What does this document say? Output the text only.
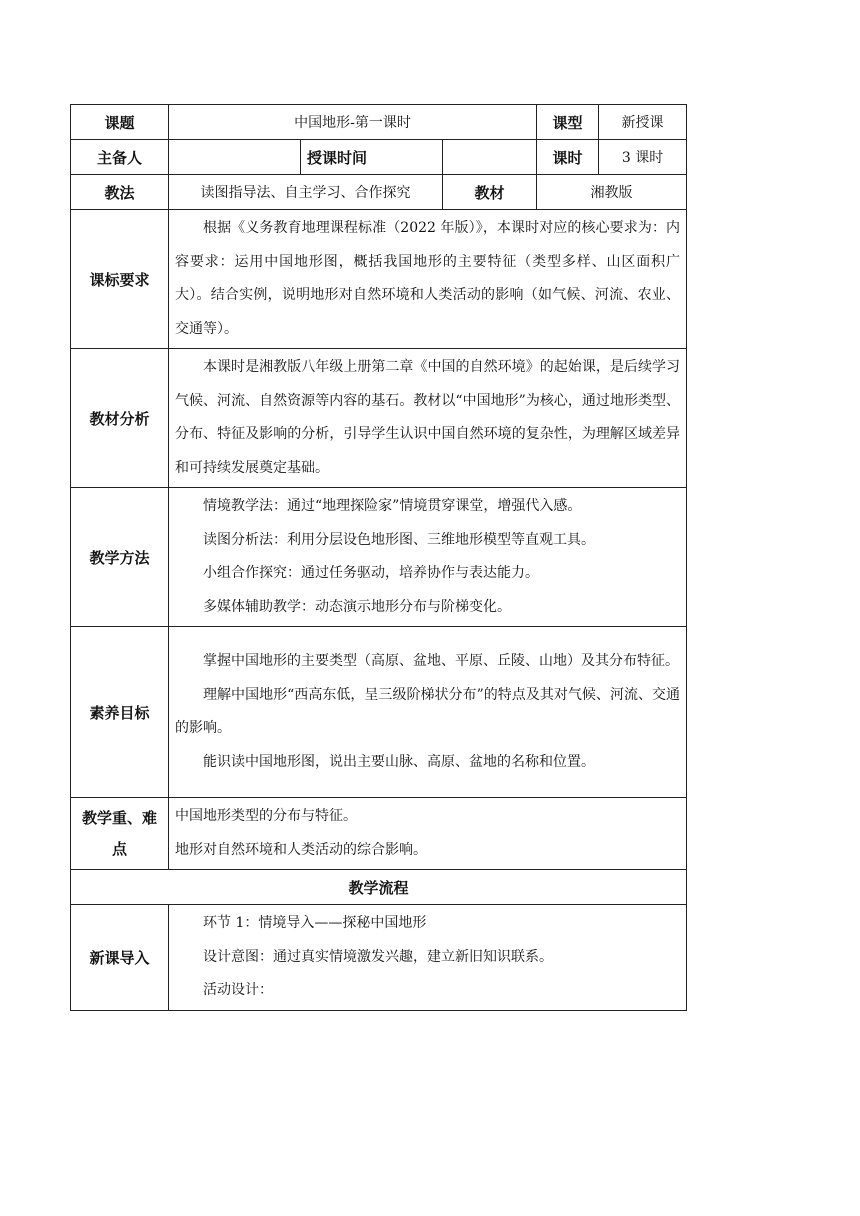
课题	中国地形-第一课时			课型	新授课
主备人		授课时间		课时	3 课时
教法	读图指导法、自主学习、合作探究		教材	湘教版	
课标要求	根据《义务教育地理课程标准（2022 年版）》，本课时对应的核心要求为：内容要求：运用中国地形图，概括我国地形的主要特征（类型多样、山区面积广大）。结合实例，说明地形对自然环境和人类活动的影响（如气候、河流、农业、交通等）。				

教材分析	本课时是湘教版八年级上册第二章《中国的自然环境》的起始课，是后续学习气候、河流、自然资源等内容的基石。教材以“中国地形”为核心，通过地形类型、分布、特征及影响的分析，引导学生认识中国自然环境的复杂性，为理解区域差异和可持续发展奠定基础。				

教学方法	情境教学法：通过“地理探险家”情境贯穿课堂，增强代入感。

读图分析法：利用分层设色地形图、三维地形模型等直观工具。

小组合作探究：通过任务驱动，培养协作与表达能力。

多媒体辅助教学：动态演示地形分布与阶梯变化。				

素养目标	掌握中国地形的主要类型（高原、盆地、平原、丘陵、山地）及其分布特征。

理解中国地形“西高东低，呈三级阶梯状分布”的特点及其对气候、河流、交通的影响。

能识读中国地形图，说出主要山脉、高原、盆地的名称和位置。				

教学重、难点	中国地形类型的分布与特征。

地形对自然环境和人类活动的综合影响。				

教学流程					
新课导入	环节 1：情境导入——探秘中国地形

设计意图：通过真实情境激发兴趣，建立新旧知识联系。

活动设计：				
